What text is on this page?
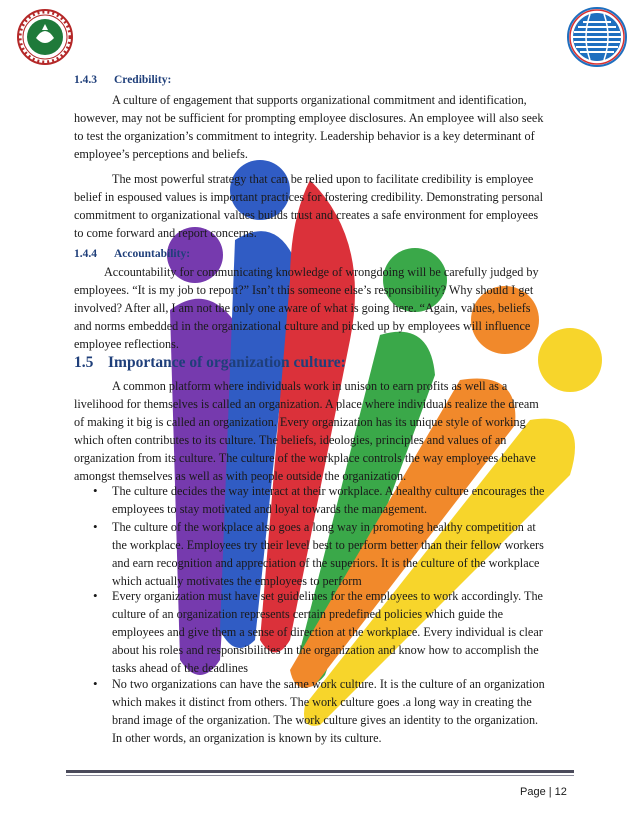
1.4.3 Credibility:
A culture of engagement that supports organizational commitment and identification,
however, may not be sufficient for prompting employee disclosures. An employee will also seek
to test the organization’s commitment to integrity. Leadership behavior is a key determinant of
employee’s perceptions and beliefs.
The most powerful strategy that can be relied upon to facilitate credibility is employee
belief in espoused values is important practices for fostering credibility. Demonstrating personal
commitment to organizational values builds trust and creates a safe environment for employees
to come forward and report concerns.
1.4.4 Accountability:
Accountability for communicating knowledge of wrongdoing will be carefully judged by
employees. “It is my job to report?” Isn’t this someone else’s responsibility? Why should I get
involved? After all, I am not the only one aware of what is going here. “Again, values, beliefs
and norms embedded in the organizational culture and picked up by employees will influence
employee reflections.
1.5 Importance of organization culture:
A common platform where individuals work in unison to earn profits as well as a
livelihood for themselves is called an organization. A place where individuals realize the dream
of making it big is called an organization. Every organization has its unique style of working
which often contributes to its culture. The beliefs, ideologies, principles and values of an
organization from its culture. The culture of the workplace controls the way employees behave
amongst themselves as well as with people outside the organization.
• The culture decides the way interact at their workplace. A healthy culture encourages the
employees to stay motivated and loyal towards the management.
• The culture of the workplace also goes a long way in promoting healthy competition at
the workplace. Employees try their level best to perform better than their fellow workers
and earn recognition and appreciation of the superiors. It is the culture of the workplace
which actually motivates the employees to perform
• Every organization must have set guidelines for the employees to work accordingly. The
culture of an organization represents certain predefined policies which guide the
employees and give them a sense of direction at the workplace. Every individual is clear
about his roles and responsibilities in the organization and know how to accomplish the
tasks ahead of the deadlines
• No two organizations can have the same work culture. It is the culture of an organization
which makes it distinct from others. The work culture goes .a long way in creating the
brand image of the organization. The work culture gives an identity to the organization.
In other words, an organization is known by its culture.
Page | 12
